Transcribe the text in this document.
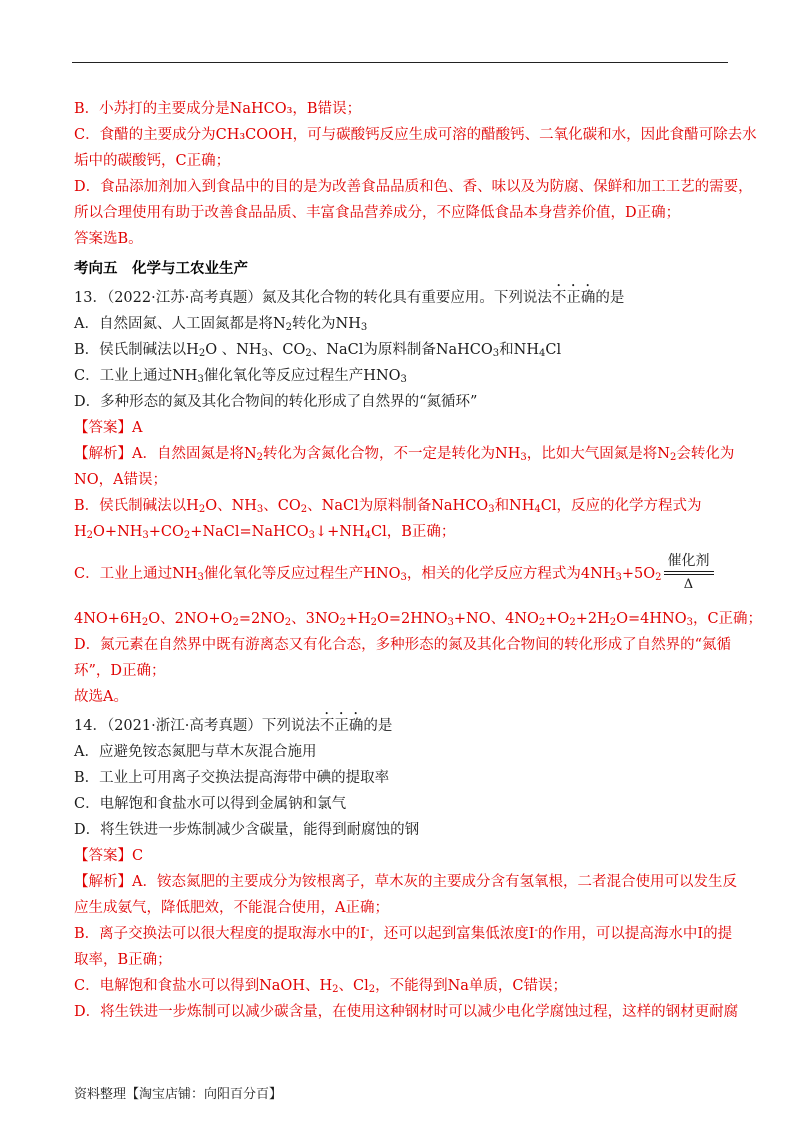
B．小苏打的主要成分是NaHCO₃，B错误；

C．食醋的主要成分为CH₃COOH，可与碳酸钙反应生成可溶的醋酸钙、二氧化碳和水，因此食醋可除去水

垢中的碳酸钙，C正确；

D．食品添加剂加入到食品中的目的是为改善食品品质和色、香、味以及为防腐、保鲜和加工工艺的需要，

所以合理使用有助于改善食品品质、丰富食品营养成分，不应降低食品本身营养价值，D正确；

答案选B。

考向五　化学与工农业生产

13．（2022·江苏·高考真题）氮及其化合物的转化具有重要应用。下列说法不正确的是

A．自然固氮、人工固氮都是将$N_2$转化为$NH_3$

B．侯氏制碱法以$H_2O$ 、$NH_3$、$CO_2$、NaCl为原料制备NaHCO$_3$和$NH_4Cl$

C．工业上通过$NH_3$催化氧化等反应过程生产$HNO_3$

D．多种形态的氮及其化合物间的转化形成了自然界的“氮循环”

【答案】A

【解析】A．自然固氮是将$N_2$转化为含氮化合物，不一定是转化为$NH_3$，比如大气固氮是将$N_2$会转化为

NO，A错误；

B．侯氏制碱法以$H_2O$、$NH_3$、$CO_2$、NaCl为原料制备NaHCO$_3$和$NH_4Cl$，反应的化学方程式为

$H_2O+NH_3+CO_2+NaCl=NaHCO_3↓+NH_4Cl$，B正确；

C．工业上通过$NH_3$催化氧化等反应过程生产$HNO_3$，相关的化学反应方程式为$4NH_3+5O_2$
催化剂
Δ

$4NO+6H_2O$、$2NO+O_2=2NO_2$、$3NO_2+H_2O=2HNO_3+NO$、$4NO_2+O_2+2H_2O=4HNO_3$，C正确；

D．氮元素在自然界中既有游离态又有化合态，多种形态的氮及其化合物间的转化形成了自然界的“氮循

环”，D正确；

故选A。

14．（2021·浙江·高考真题）下列说法不正确的是

A．应避免铵态氮肥与草木灰混合施用

B．工业上可用离子交换法提高海带中碘的提取率

C．电解饱和食盐水可以得到金属钠和氯气

D．将生铁进一步炼制减少含碳量，能得到耐腐蚀的钢

【答案】C

【解析】A．铵态氮肥的主要成分为铵根离子，草木灰的主要成分含有氢氧根，二者混合使用可以发生反

应生成氨气，降低肥效，不能混合使用，A正确；

B．离子交换法可以很大程度的提取海水中的I-，还可以起到富集低浓度I-的作用，可以提高海水中I的提

取率，B正确；

C．电解饱和食盐水可以得到NaOH、$H_2$、$Cl_2$，不能得到Na单质，C错误；

D．将生铁进一步炼制可以减少碳含量，在使用这种钢材时可以减少电化学腐蚀过程，这样的钢材更耐腐

资料整理【淘宝店铺：向阳百分百】
